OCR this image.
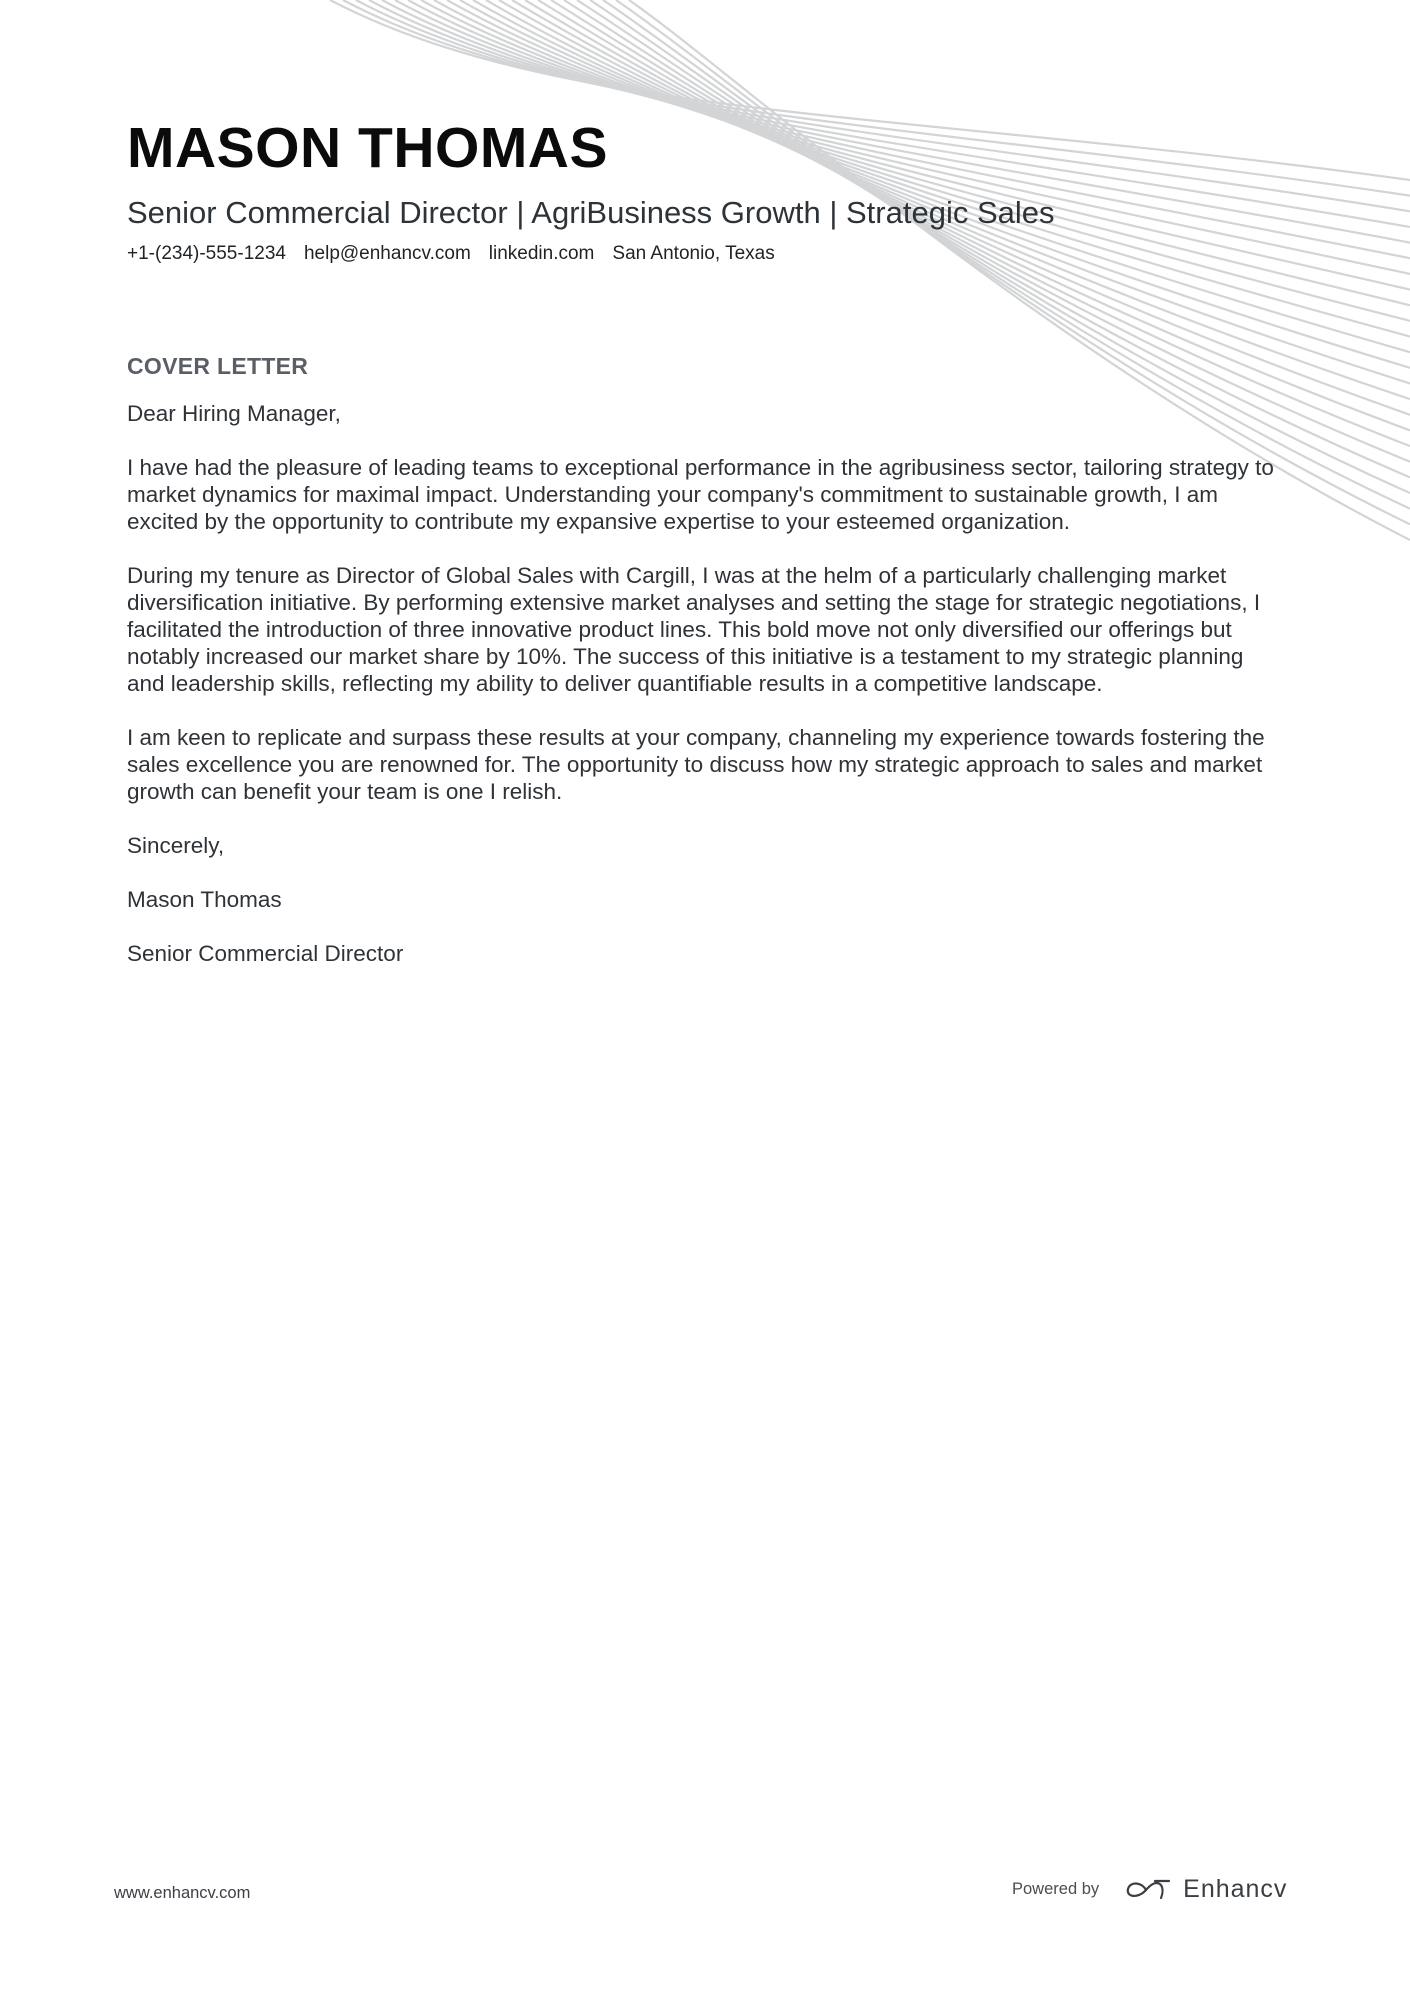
MASON THOMAS
Senior Commercial Director | AgriBusiness Growth | Strategic Sales
+1-(234)-555-1234 help@enhancv.com linkedin.com San Antonio, Texas
COVER LETTER

Dear Hiring Manager,

I have had the pleasure of leading teams to exceptional performance in the agribusiness sector, tailoring strategy to market dynamics for maximal impact. Understanding your company's commitment to sustainable growth, I am excited by the opportunity to contribute my expansive expertise to your esteemed organization.

During my tenure as Director of Global Sales with Cargill, I was at the helm of a particularly challenging market diversification initiative. By performing extensive market analyses and setting the stage for strategic negotiations, I facilitated the introduction of three innovative product lines. This bold move not only diversified our offerings but notably increased our market share by 10%. The success of this initiative is a testament to my strategic planning and leadership skills, reflecting my ability to deliver quantifiable results in a competitive landscape.

I am keen to replicate and surpass these results at your company, channeling my experience towards fostering the sales excellence you are renowned for. The opportunity to discuss how my strategic approach to sales and market growth can benefit your team is one I relish.

Sincerely,

Mason Thomas

Senior Commercial Director

www.enhancv.com	Powered by	Enhancv
